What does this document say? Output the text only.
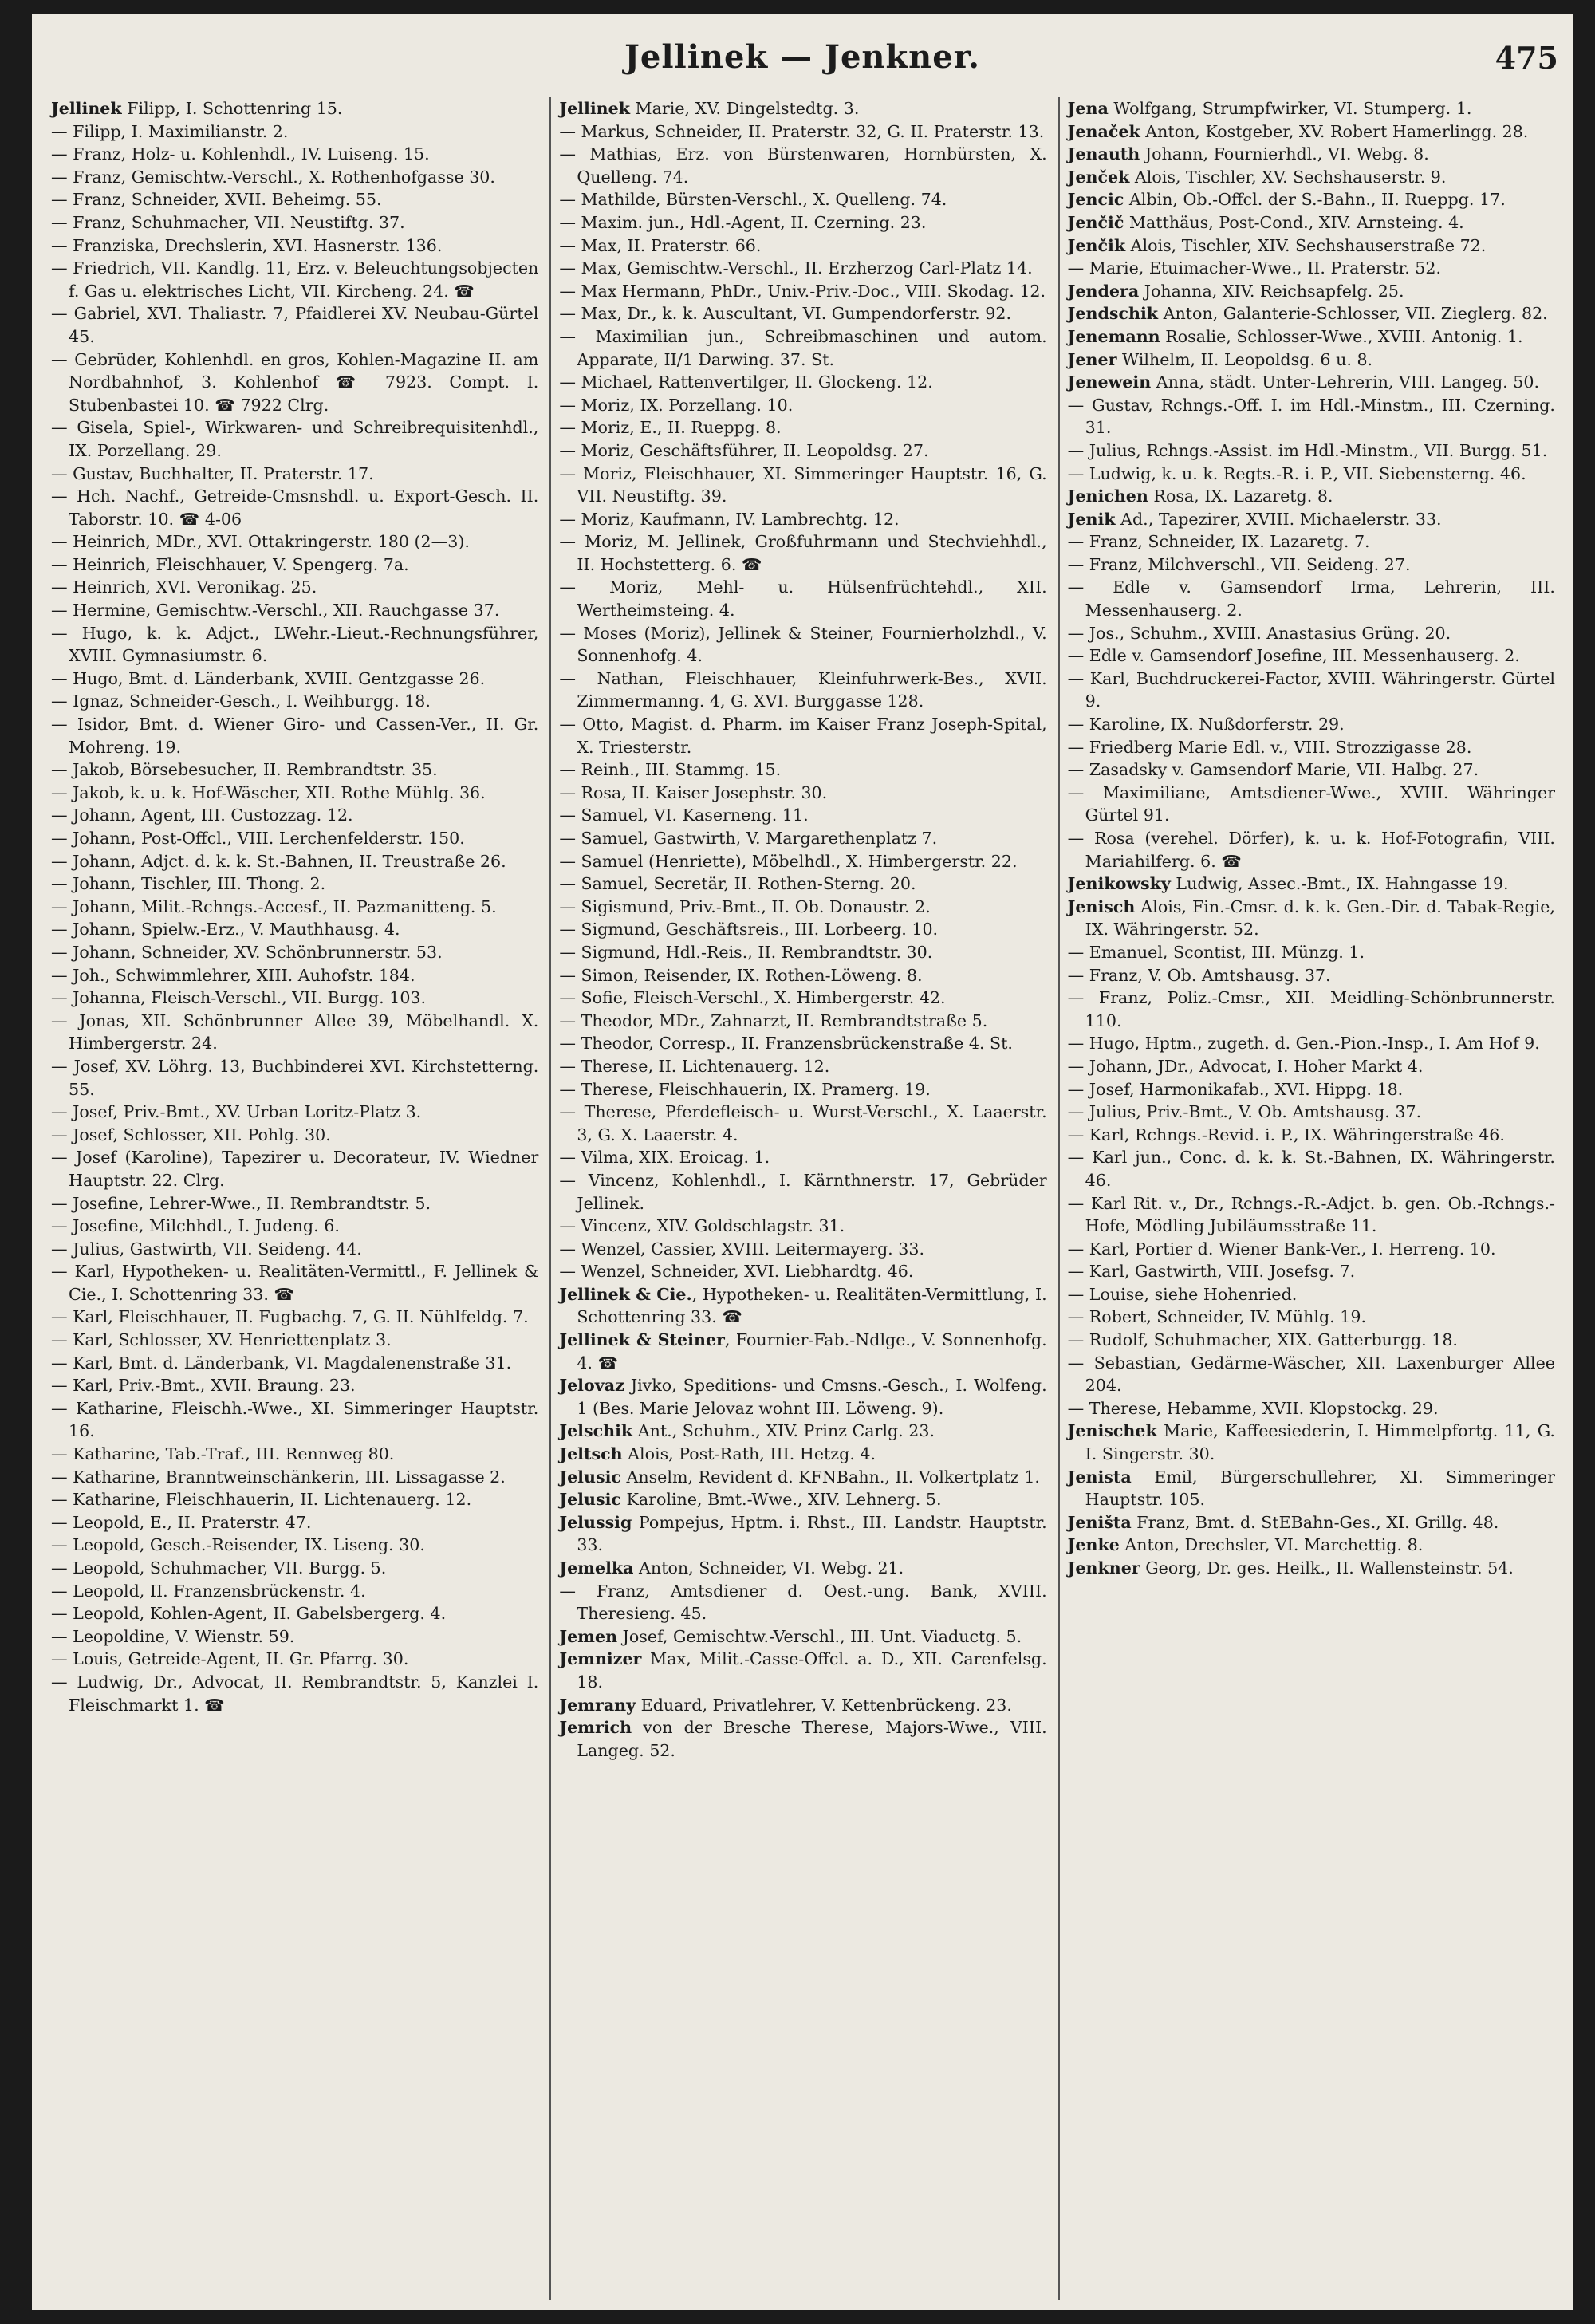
Jellinek — Jenkner.	475
Jellinek Filipp, I. Schottenring 15.
— Filipp, I. Maximilianstr. 2.
— Franz, Holz- u. Kohlenhdl., IV. Luiseng. 15.
— Franz, Gemischtw.-Verschl., X. Rothenhofgasse 30.
— Franz, Schneider, XVII. Beheimg. 55.
— Franz, Schuhmacher, VII. Neustiftg. 37.
— Franziska, Drechslerin, XVI. Hasnerstr. 136.
— Friedrich, VII. Kandlg. 11, Erz. v. Beleuchtungsobjecten f. Gas u. elektrisches Licht, VII. Kircheng. 24. ☎
— Gabriel, XVI. Thaliastr. 7, Pfaidlerei XV. Neubau-Gürtel 45.
— Gebrüder, Kohlenhdl. en gros, Kohlen-Magazine II. am Nordbahnhof, 3. Kohlenhof ☎ 7923. Compt. I. Stubenbastei 10. ☎ 7922 Clrg.
— Gisela, Spiel-, Wirkwaren- und Schreibrequisitenhdl., IX. Porzellang. 29.
— Gustav, Buchhalter, II. Praterstr. 17.
— Hch. Nachf., Getreide-Cmsnshdl. u. Export-Gesch. II. Taborstr. 10. ☎ 4-06
— Heinrich, MDr., XVI. Ottakringerstr. 180 (2—3).
— Heinrich, Fleischhauer, V. Spengerg. 7a.
— Heinrich, XVI. Veronikag. 25.
— Hermine, Gemischtw.-Verschl., XII. Rauchgasse 37.
— Hugo, k. k. Adjct., LWehr.-Lieut.-Rechnungsführer, XVIII. Gymnasiumstr. 6.
— Hugo, Bmt. d. Länderbank, XVIII. Gentzgasse 26.
— Ignaz, Schneider-Gesch., I. Weihburgg. 18.
— Isidor, Bmt. d. Wiener Giro- und Cassen-Ver., II. Gr. Mohreng. 19.
— Jakob, Börsebesucher, II. Rembrandtstr. 35.
— Jakob, k. u. k. Hof-Wäscher, XII. Rothe Mühlg. 36.
— Johann, Agent, III. Custozzag. 12.
— Johann, Post-Offcl., VIII. Lerchenfelderstr. 150.
— Johann, Adjct. d. k. k. St.-Bahnen, II. Treustraße 26.
— Johann, Tischler, III. Thong. 2.
— Johann, Milit.-Rchngs.-Accesf., II. Pazmanitteng. 5.
— Johann, Spielw.-Erz., V. Mauthhausg. 4.
— Johann, Schneider, XV. Schönbrunnerstr. 53.
— Joh., Schwimmlehrer, XIII. Auhofstr. 184.
— Johanna, Fleisch-Verschl., VII. Burgg. 103.
— Jonas, XII. Schönbrunner Allee 39, Möbelhandl. X. Himbergerstr. 24.
— Josef, XV. Löhrg. 13, Buchbinderei XVI. Kirchstetterng. 55.
— Josef, Priv.-Bmt., XV. Urban Loritz-Platz 3.
— Josef, Schlosser, XII. Pohlg. 30.
— Josef (Karoline), Tapezirer u. Decorateur, IV. Wiedner Hauptstr. 22. Clrg.
— Josefine, Lehrer-Wwe., II. Rembrandtstr. 5.
— Josefine, Milchhdl., I. Judeng. 6.
— Julius, Gastwirth, VII. Seideng. 44.
— Karl, Hypotheken- u. Realitäten-Vermittl., F. Jellinek & Cie., I. Schottenring 33. ☎
— Karl, Fleischhauer, II. Fugbachg. 7, G. II. Nühlfeldg. 7.
— Karl, Schlosser, XV. Henriettenplatz 3.
— Karl, Bmt. d. Länderbank, VI. Magdalenenstraße 31.
— Karl, Priv.-Bmt., XVII. Braung. 23.
— Katharine, Fleischh.-Wwe., XI. Simmeringer Hauptstr. 16.
— Katharine, Tab.-Traf., III. Rennweg 80.
— Katharine, Branntweinschänkerin, III. Lissagasse 2.
— Katharine, Fleischhauerin, II. Lichtenauerg. 12.
— Leopold, E., II. Praterstr. 47.
— Leopold, Gesch.-Reisender, IX. Liseng. 30.
— Leopold, Schuhmacher, VII. Burgg. 5.
— Leopold, II. Franzensbrückenstr. 4.
— Leopold, Kohlen-Agent, II. Gabelsbergerg. 4.
— Leopoldine, V. Wienstr. 59.
— Louis, Getreide-Agent, II. Gr. Pfarrg. 30.
— Ludwig, Dr., Advocat, II. Rembrandtstr. 5, Kanzlei I. Fleischmarkt 1. ☎
Jellinek Marie, XV. Dingelstedtg. 3.
— Markus, Schneider, II. Praterstr. 32, G. II. Praterstr. 13.
— Mathias, Erz. von Bürstenwaren, Hornbürsten, X. Quelleng. 74.
— Mathilde, Bürsten-Verschl., X. Quelleng. 74.
— Maxim. jun., Hdl.-Agent, II. Czerning. 23.
— Max, II. Praterstr. 66.
— Max, Gemischtw.-Verschl., II. Erzherzog Carl-Platz 14.
— Max Hermann, PhDr., Univ.-Priv.-Doc., VIII. Skodag. 12.
— Max, Dr., k. k. Auscultant, VI. Gumpendorferstr. 92.
— Maximilian jun., Schreibmaschinen und autom. Apparate, II/1 Darwing. 37. St.
— Michael, Rattenvertilger, II. Glockeng. 12.
— Moriz, IX. Porzellang. 10.
— Moriz, E., II. Rueppg. 8.
— Moriz, Geschäftsführer, II. Leopoldsg. 27.
— Moriz, Fleischhauer, XI. Simmeringer Hauptstr. 16, G. VII. Neustiftg. 39.
— Moriz, Kaufmann, IV. Lambrechtg. 12.
— Moriz, M. Jellinek, Großfuhrmann und Stechviehhdl., II. Hochstetterg. 6. ☎
— Moriz, Mehl- u. Hülsenfrüchtehdl., XII. Wertheimsteing. 4.
— Moses (Moriz), Jellinek & Steiner, Fournierholzhdl., V. Sonnenhofg. 4.
— Nathan, Fleischhauer, Kleinfuhrwerk-Bes., XVII. Zimmermanng. 4, G. XVI. Burggasse 128.
— Otto, Magist. d. Pharm. im Kaiser Franz Joseph-Spital, X. Triesterstr.
— Reinh., III. Stammg. 15.
— Rosa, II. Kaiser Josephstr. 30.
— Samuel, VI. Kaserneng. 11.
— Samuel, Gastwirth, V. Margarethenplatz 7.
— Samuel (Henriette), Möbelhdl., X. Himbergerstr. 22.
— Samuel, Secretär, II. Rothen-Sterng. 20.
— Sigismund, Priv.-Bmt., II. Ob. Donaustr. 2.
— Sigmund, Geschäftsreis., III. Lorbeerg. 10.
— Sigmund, Hdl.-Reis., II. Rembrandtstr. 30.
— Simon, Reisender, IX. Rothen-Löweng. 8.
— Sofie, Fleisch-Verschl., X. Himbergerstr. 42.
— Theodor, MDr., Zahnarzt, II. Rembrandtstraße 5.
— Theodor, Corresp., II. Franzensbrückenstraße 4. St.
— Therese, II. Lichtenauerg. 12.
— Therese, Fleischhauerin, IX. Pramerg. 19.
— Therese, Pferdefleisch- u. Wurst-Verschl., X. Laaerstr. 3, G. X. Laaerstr. 4.
— Vilma, XIX. Eroicag. 1.
— Vincenz, Kohlenhdl., I. Kärnthnerstr. 17, Gebrüder Jellinek.
— Vincenz, XIV. Goldschlagstr. 31.
— Wenzel, Cassier, XVIII. Leitermayerg. 33.
— Wenzel, Schneider, XVI. Liebhardtg. 46.
Jellinek & Cie., Hypotheken- u. Realitäten-Vermittlung, I. Schottenring 33. ☎
Jellinek & Steiner, Fournier-Fab.-Ndlge., V. Sonnenhofg. 4. ☎
Jelovaz Jivko, Speditions- und Cmsns.-Gesch., I. Wolfeng. 1 (Bes. Marie Jelovaz wohnt III. Löweng. 9).
Jelschik Ant., Schuhm., XIV. Prinz Carlg. 23.
Jeltsch Alois, Post-Rath, III. Hetzg. 4.
Jelusic Anselm, Revident d. KFNBahn., II. Volkertplatz 1.
Jelusic Karoline, Bmt.-Wwe., XIV. Lehnerg. 5.
Jelussig Pompejus, Hptm. i. Rhst., III. Landstr. Hauptstr. 33.
Jemelka Anton, Schneider, VI. Webg. 21.
— Franz, Amtsdiener d. Oest.-ung. Bank, XVIII. Theresieng. 45.
Jemen Josef, Gemischtw.-Verschl., III. Unt. Viaductg. 5.
Jemnizer Max, Milit.-Casse-Offcl. a. D., XII. Carenfelsg. 18.
Jemrany Eduard, Privatlehrer, V. Kettenbrückeng. 23.
Jemrich von der Bresche Therese, Majors-Wwe., VIII. Langeg. 52.
Jena Wolfgang, Strumpfwirker, VI. Stumperg. 1.
Jenaček Anton, Kostgeber, XV. Robert Hamerlingg. 28.
Jenauth Johann, Fournierhdl., VI. Webg. 8.
Jenček Alois, Tischler, XV. Sechshauserstr. 9.
Jencic Albin, Ob.-Offcl. der S.-Bahn., II. Rueppg. 17.
Jenčič Matthäus, Post-Cond., XIV. Arnsteing. 4.
Jenčik Alois, Tischler, XIV. Sechshauserstraße 72.
— Marie, Etuimacher-Wwe., II. Praterstr. 52.
Jendera Johanna, XIV. Reichsapfelg. 25.
Jendschik Anton, Galanterie-Schlosser, VII. Zieglerg. 82.
Jenemann Rosalie, Schlosser-Wwe., XVIII. Antonig. 1.
Jener Wilhelm, II. Leopoldsg. 6 u. 8.
Jenewein Anna, städt. Unter-Lehrerin, VIII. Langeg. 50.
— Gustav, Rchngs.-Off. I. im Hdl.-Minstm., III. Czerning. 31.
— Julius, Rchngs.-Assist. im Hdl.-Minstm., VII. Burgg. 51.
— Ludwig, k. u. k. Regts.-R. i. P., VII. Siebensterng. 46.
Jenichen Rosa, IX. Lazaretg. 8.
Jenik Ad., Tapezirer, XVIII. Michaelerstr. 33.
— Franz, Schneider, IX. Lazaretg. 7.
— Franz, Milchverschl., VII. Seideng. 27.
— Edle v. Gamsendorf Irma, Lehrerin, III. Messenhauserg. 2.
— Jos., Schuhm., XVIII. Anastasius Grüng. 20.
— Edle v. Gamsendorf Josefine, III. Messenhauserg. 2.
— Karl, Buchdruckerei-Factor, XVIII. Währingerstr. Gürtel 9.
— Karoline, IX. Nußdorferstr. 29.
— Friedberg Marie Edl. v., VIII. Strozzigasse 28.
— Zasadsky v. Gamsendorf Marie, VII. Halbg. 27.
— Maximiliane, Amtsdiener-Wwe., XVIII. Währinger Gürtel 91.
— Rosa (verehel. Dörfer), k. u. k. Hof-Fotografin, VIII. Mariahilferg. 6. ☎
Jenikowsky Ludwig, Assec.-Bmt., IX. Hahngasse 19.
Jenisch Alois, Fin.-Cmsr. d. k. k. Gen.-Dir. d. Tabak-Regie, IX. Währingerstr. 52.
— Emanuel, Scontist, III. Münzg. 1.
— Franz, V. Ob. Amtshausg. 37.
— Franz, Poliz.-Cmsr., XII. Meidling-Schönbrunnerstr. 110.
— Hugo, Hptm., zugeth. d. Gen.-Pion.-Insp., I. Am Hof 9.
— Johann, JDr., Advocat, I. Hoher Markt 4.
— Josef, Harmonikafab., XVI. Hippg. 18.
— Julius, Priv.-Bmt., V. Ob. Amtshausg. 37.
— Karl, Rchngs.-Revid. i. P., IX. Währingerstraße 46.
— Karl jun., Conc. d. k. k. St.-Bahnen, IX. Währingerstr. 46.
— Karl Rit. v., Dr., Rchngs.-R.-Adjct. b. gen. Ob.-Rchngs.-Hofe, Mödling Jubiläumsstraße 11.
— Karl, Portier d. Wiener Bank-Ver., I. Herreng. 10.
— Karl, Gastwirth, VIII. Josefsg. 7.
— Louise, siehe Hohenried.
— Robert, Schneider, IV. Mühlg. 19.
— Rudolf, Schuhmacher, XIX. Gatterburgg. 18.
— Sebastian, Gedärme-Wäscher, XII. Laxenburger Allee 204.
— Therese, Hebamme, XVII. Klopstockg. 29.
Jenischek Marie, Kaffeesiederin, I. Himmelpfortg. 11, G. I. Singerstr. 30.
Jenista Emil, Bürgerschullehrer, XI. Simmeringer Hauptstr. 105.
Jeništa Franz, Bmt. d. StEBahn-Ges., XI. Grillg. 48.
Jenke Anton, Drechsler, VI. Marchettig. 8.
Jenkner Georg, Dr. ges. Heilk., II. Wallensteinstr. 54.
